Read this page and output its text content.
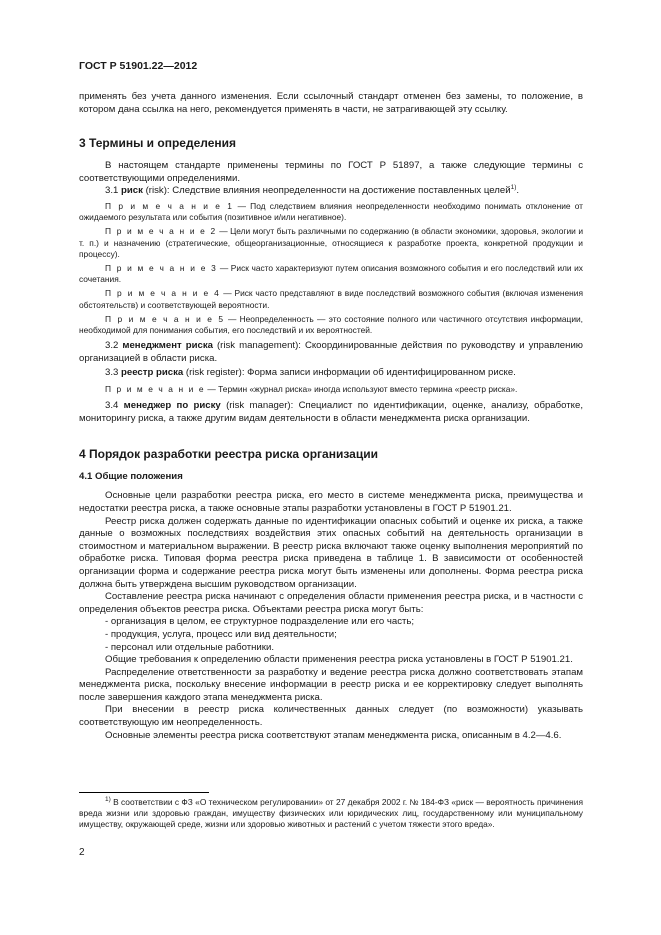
ГОСТ Р 51901.22—2012

применять без учета данного изменения. Если ссылочный стандарт отменен без замены, то положение, в котором дана ссылка на него, рекомендуется применять в части, не затрагивающей эту ссылку.

3 Термины и определения

В настоящем стандарте применены термины по ГОСТ Р 51897, а также следующие термины с соответствующими определениями.

3.1 риск (risk): Следствие влияния неопределенности на достижение поставленных целей$^{1)}$.

П р и м е ч а н и е 1 — Под следствием влияния неопределенности необходимо понимать отклонение от ожидаемого результата или события (позитивное и/или негативное).

П р и м е ч а н и е 2 — Цели могут быть различными по содержанию (в области экономики, здоровья, экологии и т. п.) и назначению (стратегические, общеорганизационные, относящиеся к разработке проекта, конкретной продукции и процессу).

П р и м е ч а н и е 3 — Риск часто характеризуют путем описания возможного события и его последствий или их сочетания.

П р и м е ч а н и е 4 — Риск часто представляют в виде последствий возможного события (включая изменения обстоятельств) и соответствующей вероятности.

П р и м е ч а н и е 5 — Неопределенность — это состояние полного или частичного отсутствия информации, необходимой для понимания события, его последствий и их вероятностей.

3.2 менеджмент риска (risk management): Скоординированные действия по руководству и управлению организацией в области риска.

3.3 реестр риска (risk register): Форма записи информации об идентифицированном риске.

П р и м е ч а н и е — Термин «журнал риска» иногда используют вместо термина «реестр риска».

3.4 менеджер по риску (risk manager): Специалист по идентификации, оценке, анализу, обработке, мониторингу риска, а также другим видам деятельности в области менеджмента риска организации.

4 Порядок разработки реестра риска организации
4.1 Общие положения

Основные цели разработки реестра риска, его место в системе менеджмента риска, преимущества и недостатки реестра риска, а также основные этапы разработки установлены в ГОСТ Р 51901.21.

Реестр риска должен содержать данные по идентификации опасных событий и оценке их риска, а также данные о возможных последствиях воздействия этих опасных событий на деятельность организации в стоимостном и материальном выражении. В реестр риска включают также оценку выполнения мероприятий по обработке риска. Типовая форма реестра риска приведена в таблице 1. В зависимости от особенностей организации форма и содержание реестра риска могут быть изменены или дополнены. Форма реестра риска должна быть утверждена высшим руководством организации.

Составление реестра риска начинают с определения области применения реестра риска, и в частности с определения объектов реестра риска. Объектами реестра риска могут быть:

- организация в целом, ее структурное подразделение или его часть;
- продукция, услуга, процесс или вид деятельности;
- персонал или отдельные работники.

Общие требования к определению области применения реестра риска установлены в ГОСТ Р 51901.21.

Распределение ответственности за разработку и ведение реестра риска должно соответствовать этапам менеджмента риска, поскольку внесение информации в реестр риска и ее корректировку следует выполнять после завершения каждого этапа менеджмента риска.

При внесении в реестр риска количественных данных следует (по возможности) указывать соответствующую им неопределенность.

Основные элементы реестра риска соответствуют этапам менеджмента риска, описанным в 4.2—4.6.

$^{1)}$ В соответствии с ФЗ «О техническом регулировании» от 27 декабря 2002 г. № 184-ФЗ «риск — вероятность причинения вреда жизни или здоровью граждан, имуществу физических или юридических лиц, государственному или муниципальному имуществу, окружающей среде, жизни или здоровью животных и растений с учетом тяжести этого вреда».
2
